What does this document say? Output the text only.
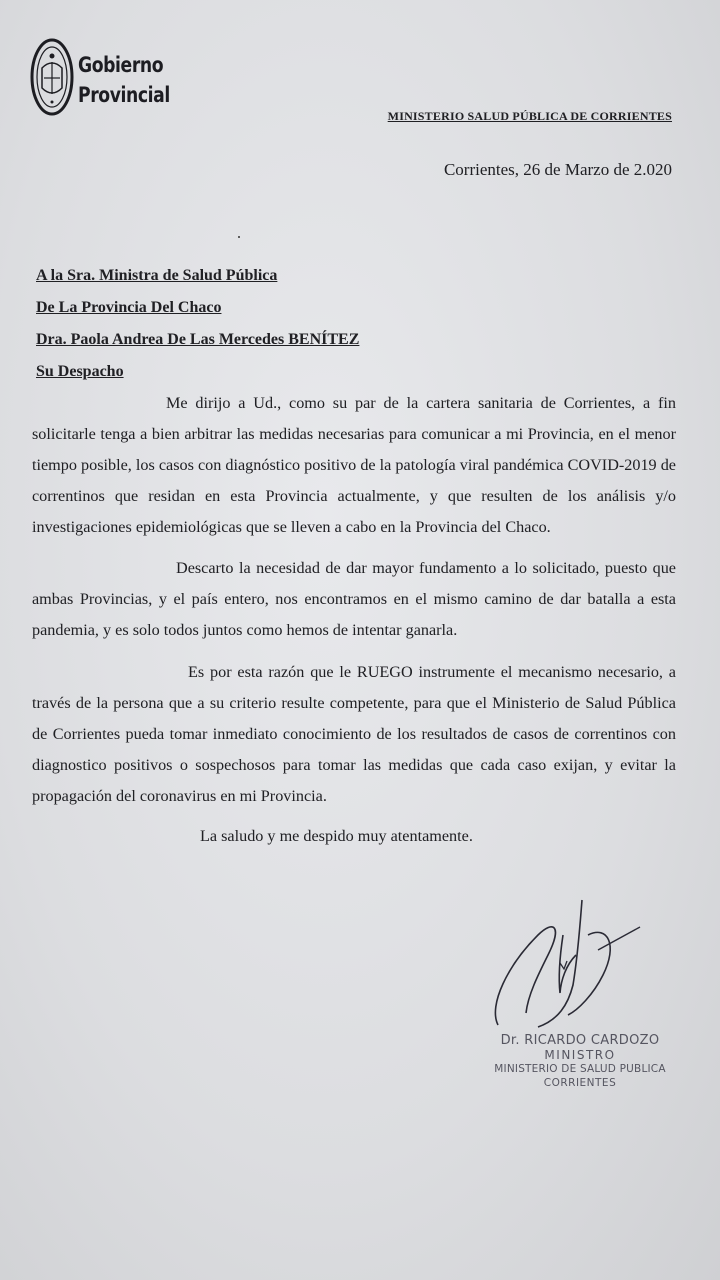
Gobierno
Provincial
MINISTERIO SALUD PÚBLICA DE CORRIENTES
Corrientes, 26 de Marzo de 2.020
A la Sra. Ministra de Salud Pública
De La Provincia Del Chaco
Dra. Paola Andrea De Las Mercedes BENÍTEZ
Su Despacho

Me dirijo a Ud., como su par de la cartera sanitaria de Corrientes, a fin solicitarle tenga a bien arbitrar las medidas necesarias para comunicar a mi Provincia, en el menor tiempo posible, los casos con diagnóstico positivo de la patología viral pandémica COVID-2019 de correntinos que residan en esta Provincia actualmente, y que resulten de los análisis y/o investigaciones epidemiológicas que se lleven a cabo en la Provincia del Chaco.

Descarto la necesidad de dar mayor fundamento a lo solicitado, puesto que ambas Provincias, y el país entero, nos encontramos en el mismo camino de dar batalla a esta pandemia, y es solo todos juntos como hemos de intentar ganarla.

Es por esta razón que le RUEGO instrumente el mecanismo necesario, a través de la persona que a su criterio resulte competente, para que el Ministerio de Salud Pública de Corrientes pueda tomar inmediato conocimiento de los resultados de casos de correntinos con diagnostico positivos o sospechosos para tomar las medidas que cada caso exijan, y evitar la propagación del coronavirus en mi Provincia.

La saludo y me despido muy atentamente.

Dr. RICARDO CARDOZO
MINISTRO
MINISTERIO DE SALUD PUBLICA
CORRIENTES
